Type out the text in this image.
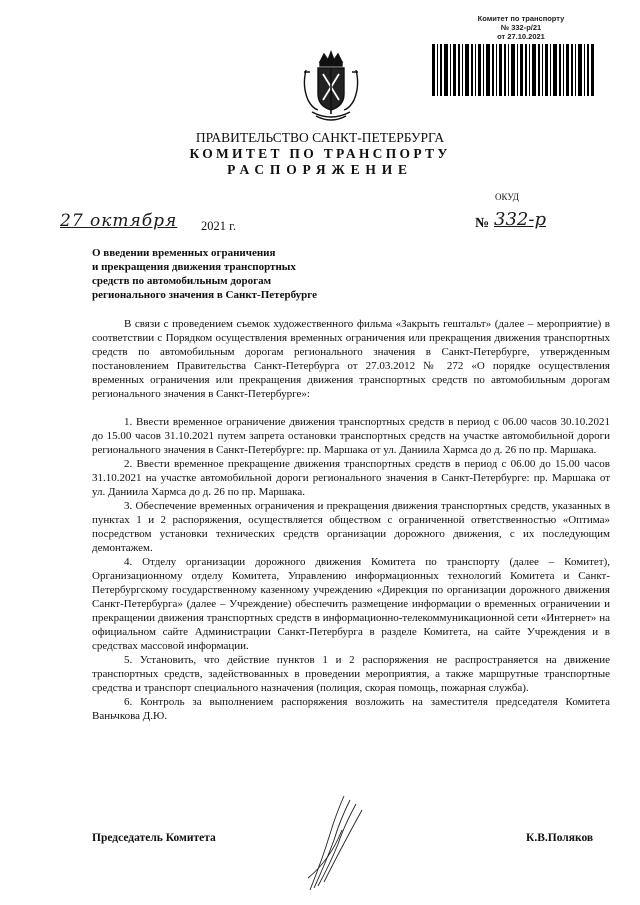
Комитет по транспорту
№ 332-р/21
от 27.10.2021
ПРАВИТЕЛЬСТВО САНКТ-ПЕТЕРБУРГА
КОМИТЕТ ПО ТРАНСПОРТУ
РАСПОРЯЖЕНИЕ
ОКУД
27 октября 2021 г.	№ 332-р
О введении временных ограничения
и прекращения движения транспортных
средств по автомобильным дорогам
регионального значения в Санкт-Петербурге

В связи с проведением съемок художественного фильма «Закрыть гештальт» (далее – мероприятие) в соответствии с Порядком осуществления временных ограничения или прекращения движения транспортных средств по автомобильным дорогам регионального значения в Санкт-Петербурге, утвержденным постановлением Правительства Санкт-Петербурга от 27.03.2012 № 272 «О порядке осуществления временных ограничения или прекращения движения транспортных средств по автомобильным дорогам регионального значения в Санкт-Петербурге»:

1. Ввести временное ограничение движения транспортных средств в период с 06.00 часов 30.10.2021 до 15.00 часов 31.10.2021 путем запрета остановки транспортных средств на участке автомобильной дороги регионального значения в Санкт-Петербурге: пр. Маршака от ул. Даниила Хармса до д. 26 по пр. Маршака.

2. Ввести временное прекращение движения транспортных средств в период с 06.00 до 15.00 часов 31.10.2021 на участке автомобильной дороги регионального значения в Санкт-Петербурге: пр. Маршака от ул. Даниила Хармса до д. 26 по пр. Маршака.

3. Обеспечение временных ограничения и прекращения движения транспортных средств, указанных в пунктах 1 и 2 распоряжения, осуществляется обществом с ограниченной ответственностью «Оптима» посредством установки технических средств организации дорожного движения, с их последующим демонтажем.

4. Отделу организации дорожного движения Комитета по транспорту (далее – Комитет), Организационному отделу Комитета, Управлению информационных технологий Комитета и Санкт-Петербургскому государственному казенному учреждению «Дирекция по организации дорожного движения Санкт-Петербурга» (далее – Учреждение) обеспечить размещение информации о временных ограничении и прекращении движения транспортных средств в информационно-телекоммуникационной сети «Интернет» на официальном сайте Администрации Санкт-Петербурга в разделе Комитета, на сайте Учреждения и в средствах массовой информации.

5. Установить, что действие пунктов 1 и 2 распоряжения не распространяется на движение транспортных средств, задействованных в проведении мероприятия, а также маршрутные транспортные средства и транспорт специального назначения (полиция, скорая помощь, пожарная служба).

6. Контроль за выполнением распоряжения возложить на заместителя председателя Комитета Ваньчкова Д.Ю.

Председатель Комитета	К.В.Поляков
